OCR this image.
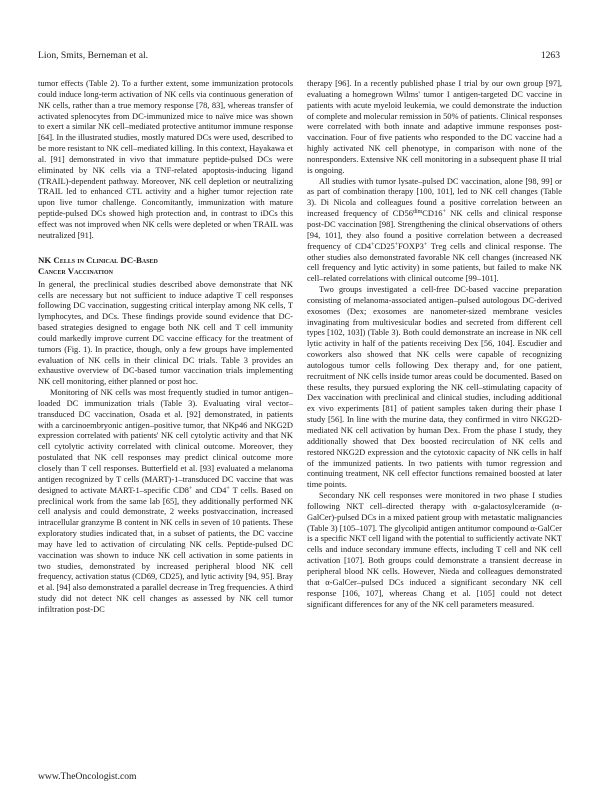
Lion, Smits, Berneman et al.	1263

tumor effects (Table 2). To a further extent, some immunization protocols could induce long-term activation of NK cells via continuous generation of NK cells, rather than a true memory response [78, 83], whereas transfer of activated splenocytes from DC-immunized mice to naïve mice was shown to exert a similar NK cell–mediated protective antitumor immune response [64]. In the illustrated studies, mostly matured DCs were used, described to be more resistant to NK cell–mediated killing. In this context, Hayakawa et al. [91] demonstrated in vivo that immature peptide-pulsed DCs were eliminated by NK cells via a TNF-related apoptosis-inducing ligand (TRAIL)-dependent pathway. Moreover, NK cell depletion or neutralizing TRAIL led to enhanced CTL activity and a higher tumor rejection rate upon live tumor challenge. Concomitantly, immunization with mature peptide-pulsed DCs showed high protection and, in contrast to iDCs this effect was not improved when NK cells were depleted or when TRAIL was neutralized [91].

NK Cells in Clinical DC-Based
Cancer Vaccination

In general, the preclinical studies described above demonstrate that NK cells are necessary but not sufficient to induce adaptive T cell responses following DC vaccination, suggesting critical interplay among NK cells, T lymphocytes, and DCs. These findings provide sound evidence that DC-based strategies designed to engage both NK cell and T cell immunity could markedly improve current DC vaccine efficacy for the treatment of tumors (Fig. 1). In practice, though, only a few groups have implemented evaluation of NK cells in their clinical DC trials. Table 3 provides an exhaustive overview of DC-based tumor vaccination trials implementing NK cell monitoring, either planned or post hoc.

Monitoring of NK cells was most frequently studied in tumor antigen–loaded DC immunization trials (Table 3). Evaluating viral vector–transduced DC vaccination, Osada et al. [92] demonstrated, in patients with a carcinoembryonic antigen–positive tumor, that NKp46 and NKG2D expression correlated with patients' NK cell cytolytic activity and that NK cell cytolytic activity correlated with clinical outcome. Moreover, they postulated that NK cell responses may predict clinical outcome more closely than T cell responses. Butterfield et al. [93] evaluated a melanoma antigen recognized by T cells (MART)-1–transduced DC vaccine that was designed to activate MART-1–specific CD8+ and CD4+ T cells. Based on preclinical work from the same lab [65], they additionally performed NK cell analysis and could demonstrate, 2 weeks postvaccination, increased intracellular granzyme B content in NK cells in seven of 10 patients. These exploratory studies indicated that, in a subset of patients, the DC vaccine may have led to activation of circulating NK cells. Peptide-pulsed DC vaccination was shown to induce NK cell activation in some patients in two studies, demonstrated by increased peripheral blood NK cell frequency, activation status (CD69, CD25), and lytic activity [94, 95]. Bray et al. [94] also demonstrated a parallel decrease in Treg frequencies. A third study did not detect NK cell changes as assessed by NK cell tumor infiltration post-DC

therapy [96]. In a recently published phase I trial by our own group [97], evaluating a homegrown Wilms' tumor I antigen-targeted DC vaccine in patients with acute myeloid leukemia, we could demonstrate the induction of complete and molecular remission in 50% of patients. Clinical responses were correlated with both innate and adaptive immune responses post-vaccination. Four of five patients who responded to the DC vaccine had a highly activated NK cell phenotype, in comparison with none of the nonresponders. Extensive NK cell monitoring in a subsequent phase II trial is ongoing.

All studies with tumor lysate–pulsed DC vaccination, alone [98, 99] or as part of combination therapy [100, 101], led to NK cell changes (Table 3). Di Nicola and colleagues found a positive correlation between an increased frequency of $CD56^{dim}CD16^+$ NK cells and clinical response post-DC vaccination [98]. Strengthening the clinical observations of others [94, 101], they also found a positive correlation between a decreased frequency of CD4+CD25+FOXP3+ Treg cells and clinical response. The other studies also demonstrated favorable NK cell changes (increased NK cell frequency and lytic activity) in some patients, but failed to make NK cell–related correlations with clinical outcome [99–101].

Two groups investigated a cell-free DC-based vaccine preparation consisting of melanoma-associated antigen–pulsed autologous DC-derived exosomes (Dex; exosomes are nanometer-sized membrane vesicles invaginating from multivesicular bodies and secreted from different cell types [102, 103]) (Table 3). Both could demonstrate an increase in NK cell lytic activity in half of the patients receiving Dex [56, 104]. Escudier and coworkers also showed that NK cells were capable of recognizing autologous tumor cells following Dex therapy and, for one patient, recruitment of NK cells inside tumor areas could be documented. Based on these results, they pursued exploring the NK cell–stimulating capacity of Dex vaccination with preclinical and clinical studies, including additional ex vivo experiments [81] of patient samples taken during their phase I study [56]. In line with the murine data, they confirmed in vitro NKG2D-mediated NK cell activation by human Dex. From the phase I study, they additionally showed that Dex boosted recirculation of NK cells and restored NKG2D expression and the cytotoxic capacity of NK cells in half of the immunized patients. In two patients with tumor regression and continuing treatment, NK cell effector functions remained boosted at later time points.

Secondary NK cell responses were monitored in two phase I studies following NKT cell–directed therapy with α-galactosylceramide (α-GalCer)-pulsed DCs in a mixed patient group with metastatic malignancies (Table 3) [105–107]. The glycolipid antigen antitumor compound α-GalCer is a specific NKT cell ligand with the potential to sufficiently activate NKT cells and induce secondary immune effects, including T cell and NK cell activation [107]. Both groups could demonstrate a transient decrease in peripheral blood NK cells. However, Nieda and colleagues demonstrated that α-GalCer–pulsed DCs induced a significant secondary NK cell response [106, 107], whereas Chang et al. [105] could not detect significant differences for any of the NK cell parameters measured.

www.TheOncologist.com
